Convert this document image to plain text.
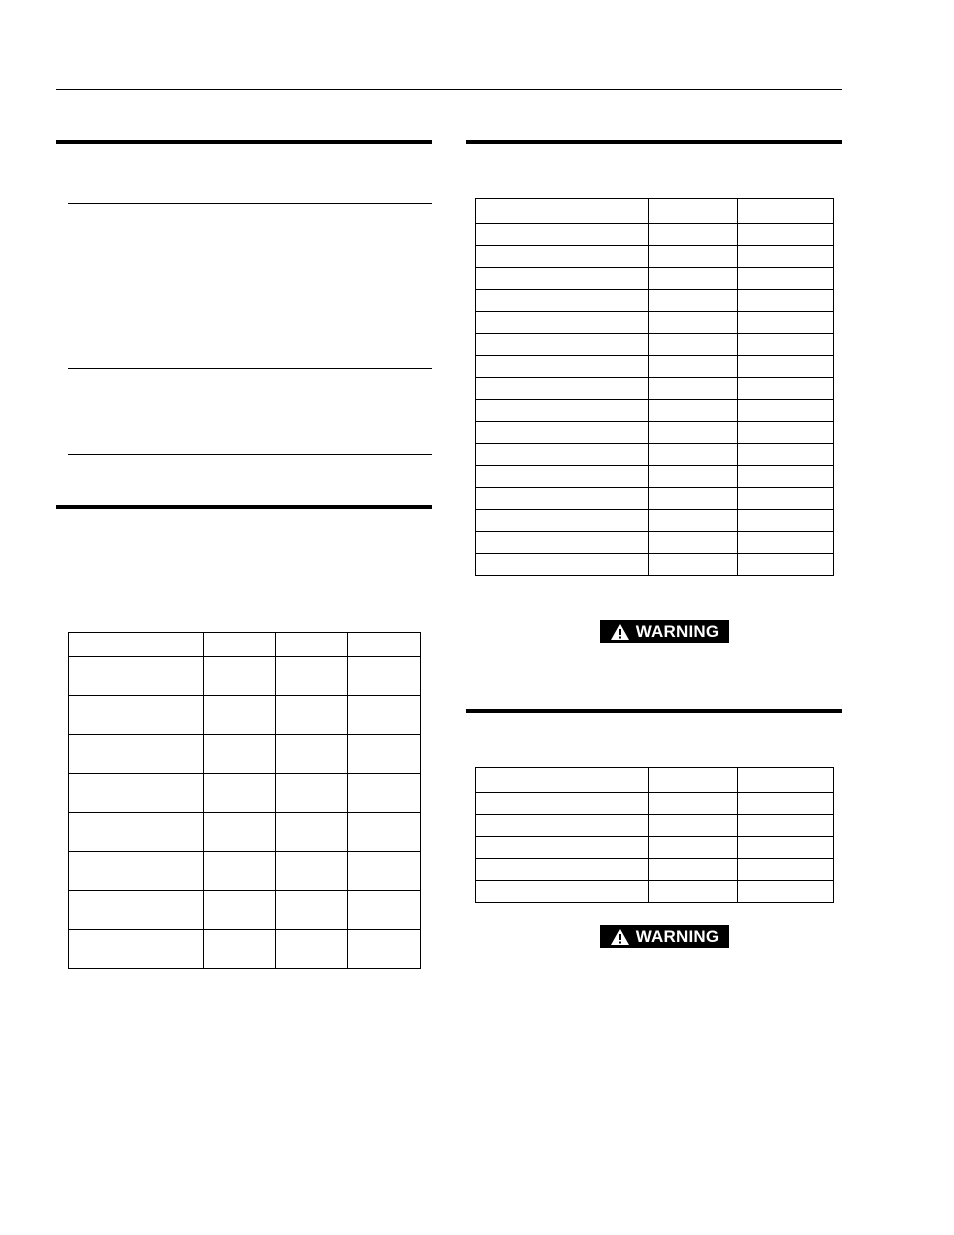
WARNING

WARNING
